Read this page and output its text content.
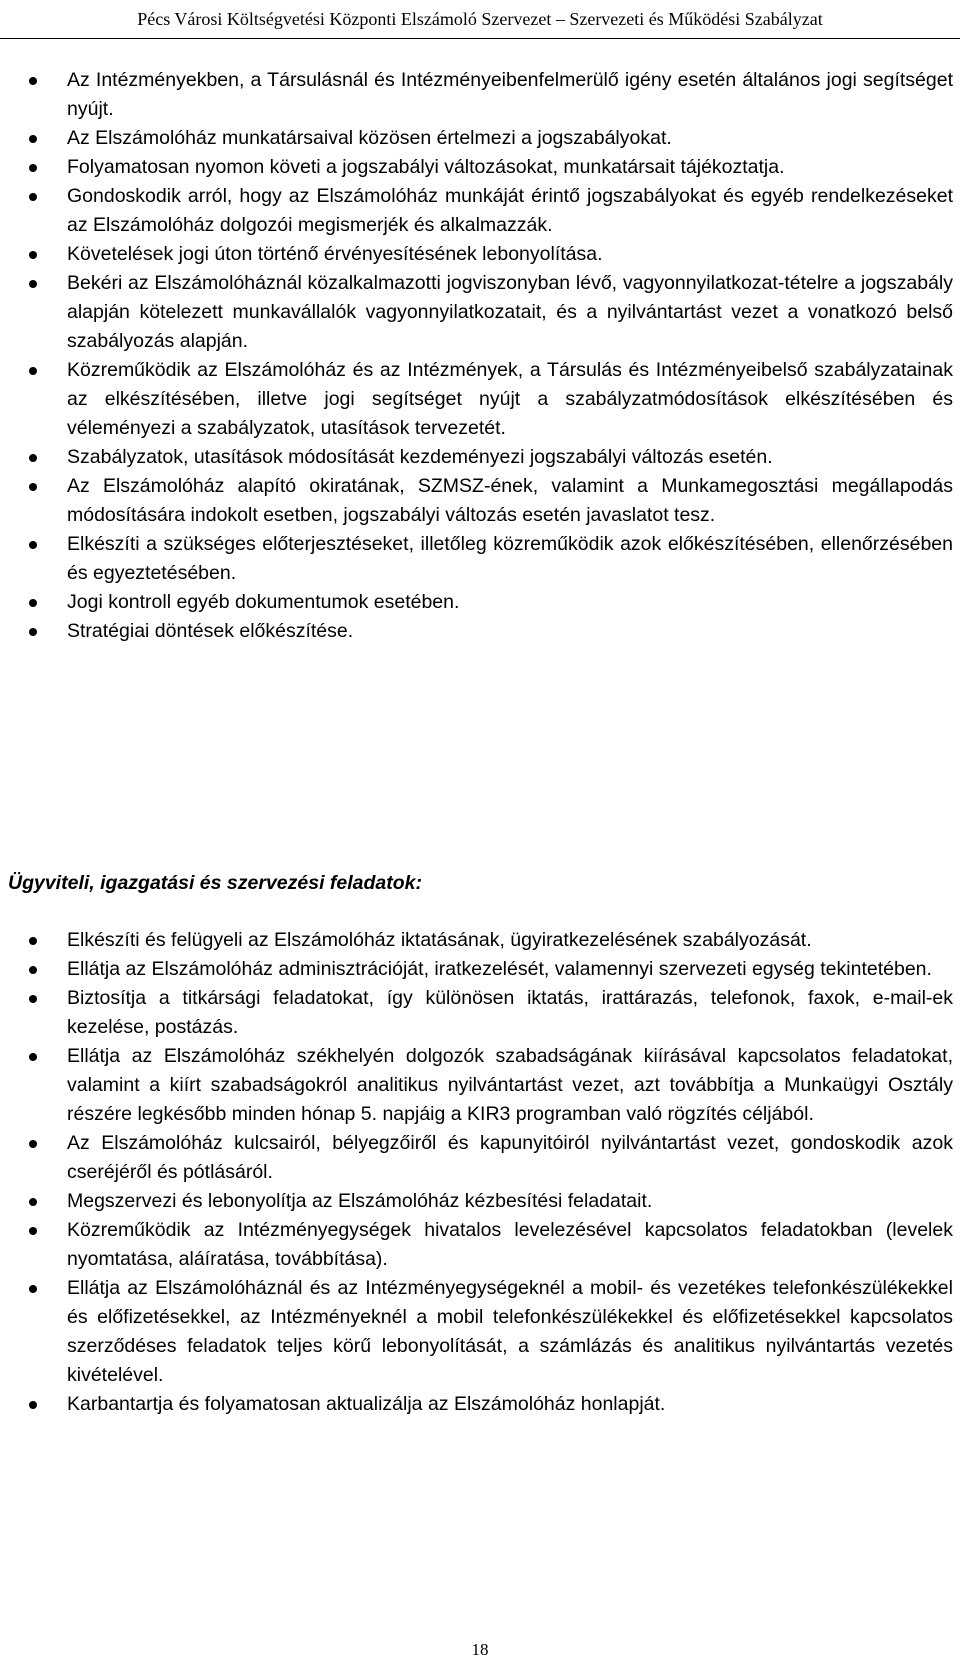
Pécs Városi Költségvetési Központi Elszámoló Szervezet – Szervezeti és Működési Szabályzat
Az Intézményekben, a Társulásnál és Intézményeibenfelmerülő igény esetén általános jogi segítséget nyújt.
Az Elszámolóház munkatársaival közösen értelmezi a jogszabályokat.
Folyamatosan nyomon követi a jogszabályi változásokat, munkatársait tájékoztatja.
Gondoskodik arról, hogy az Elszámolóház munkáját érintő jogszabályokat és egyéb rendelkezéseket az Elszámolóház dolgozói megismerjék és alkalmazzák.
Követelések jogi úton történő érvényesítésének lebonyolítása.
Bekéri az Elszámolóháznál közalkalmazotti jogviszonyban lévő, vagyonnyilatkozat-tételre a jogszabály alapján kötelezett munkavállalók vagyonnyilatkozatait, és a nyilvántartást vezet a vonatkozó belső szabályozás alapján.
Közreműködik az Elszámolóház és az Intézmények, a Társulás és Intézményeibelső szabályzatainak az elkészítésében, illetve jogi segítséget nyújt a szabályzatmódosítások elkészítésében és véleményezi a szabályzatok, utasítások tervezetét.
Szabályzatok, utasítások módosítását kezdeményezi jogszabályi változás esetén.
Az Elszámolóház alapító okiratának, SZMSZ-ének, valamint a Munkamegosztási megállapodás módosítására indokolt esetben, jogszabályi változás esetén javaslatot tesz.
Elkészíti a szükséges előterjesztéseket, illetőleg közreműködik azok előkészítésében, ellenőrzésében és egyeztetésében.
Jogi kontroll egyéb dokumentumok esetében.
Stratégiai döntések előkészítése.
Ügyviteli, igazgatási és szervezési feladatok:
Elkészíti és felügyeli az Elszámolóház iktatásának, ügyiratkezelésének szabályozását.
Ellátja az Elszámolóház adminisztrációját, iratkezelését, valamennyi szervezeti egység tekintetében.
Biztosítja a titkársági feladatokat, így különösen iktatás, irattárazás, telefonok, faxok, e-mail-ek kezelése, postázás.
Ellátja az Elszámolóház székhelyén dolgozók szabadságának kiírásával kapcsolatos feladatokat, valamint a kiírt szabadságokról analitikus nyilvántartást vezet, azt továbbítja a Munkaügyi Osztály részére legkésőbb minden hónap 5. napjáig a KIR3 programban való rögzítés céljából.
Az Elszámolóház kulcsairól, bélyegzőiről és kapunyitóiról nyilvántartást vezet, gondoskodik azok cseréjéről és pótlásáról.
Megszervezi és lebonyolítja az Elszámolóház kézbesítési feladatait.
Közreműködik az Intézményegységek hivatalos levelezésével kapcsolatos feladatokban (levelek nyomtatása, aláíratása, továbbítása).
Ellátja az Elszámolóháznál és az Intézményegységeknél a mobil- és vezetékes telefonkészülékekkel és előfizetésekkel, az Intézményeknél a mobil telefonkészülékekkel és előfizetésekkel kapcsolatos szerződéses feladatok teljes körű lebonyolítását, a számlázás és analitikus nyilvántartás vezetés kivételével.
Karbantartja és folyamatosan aktualizálja az Elszámolóház honlapját.
18
